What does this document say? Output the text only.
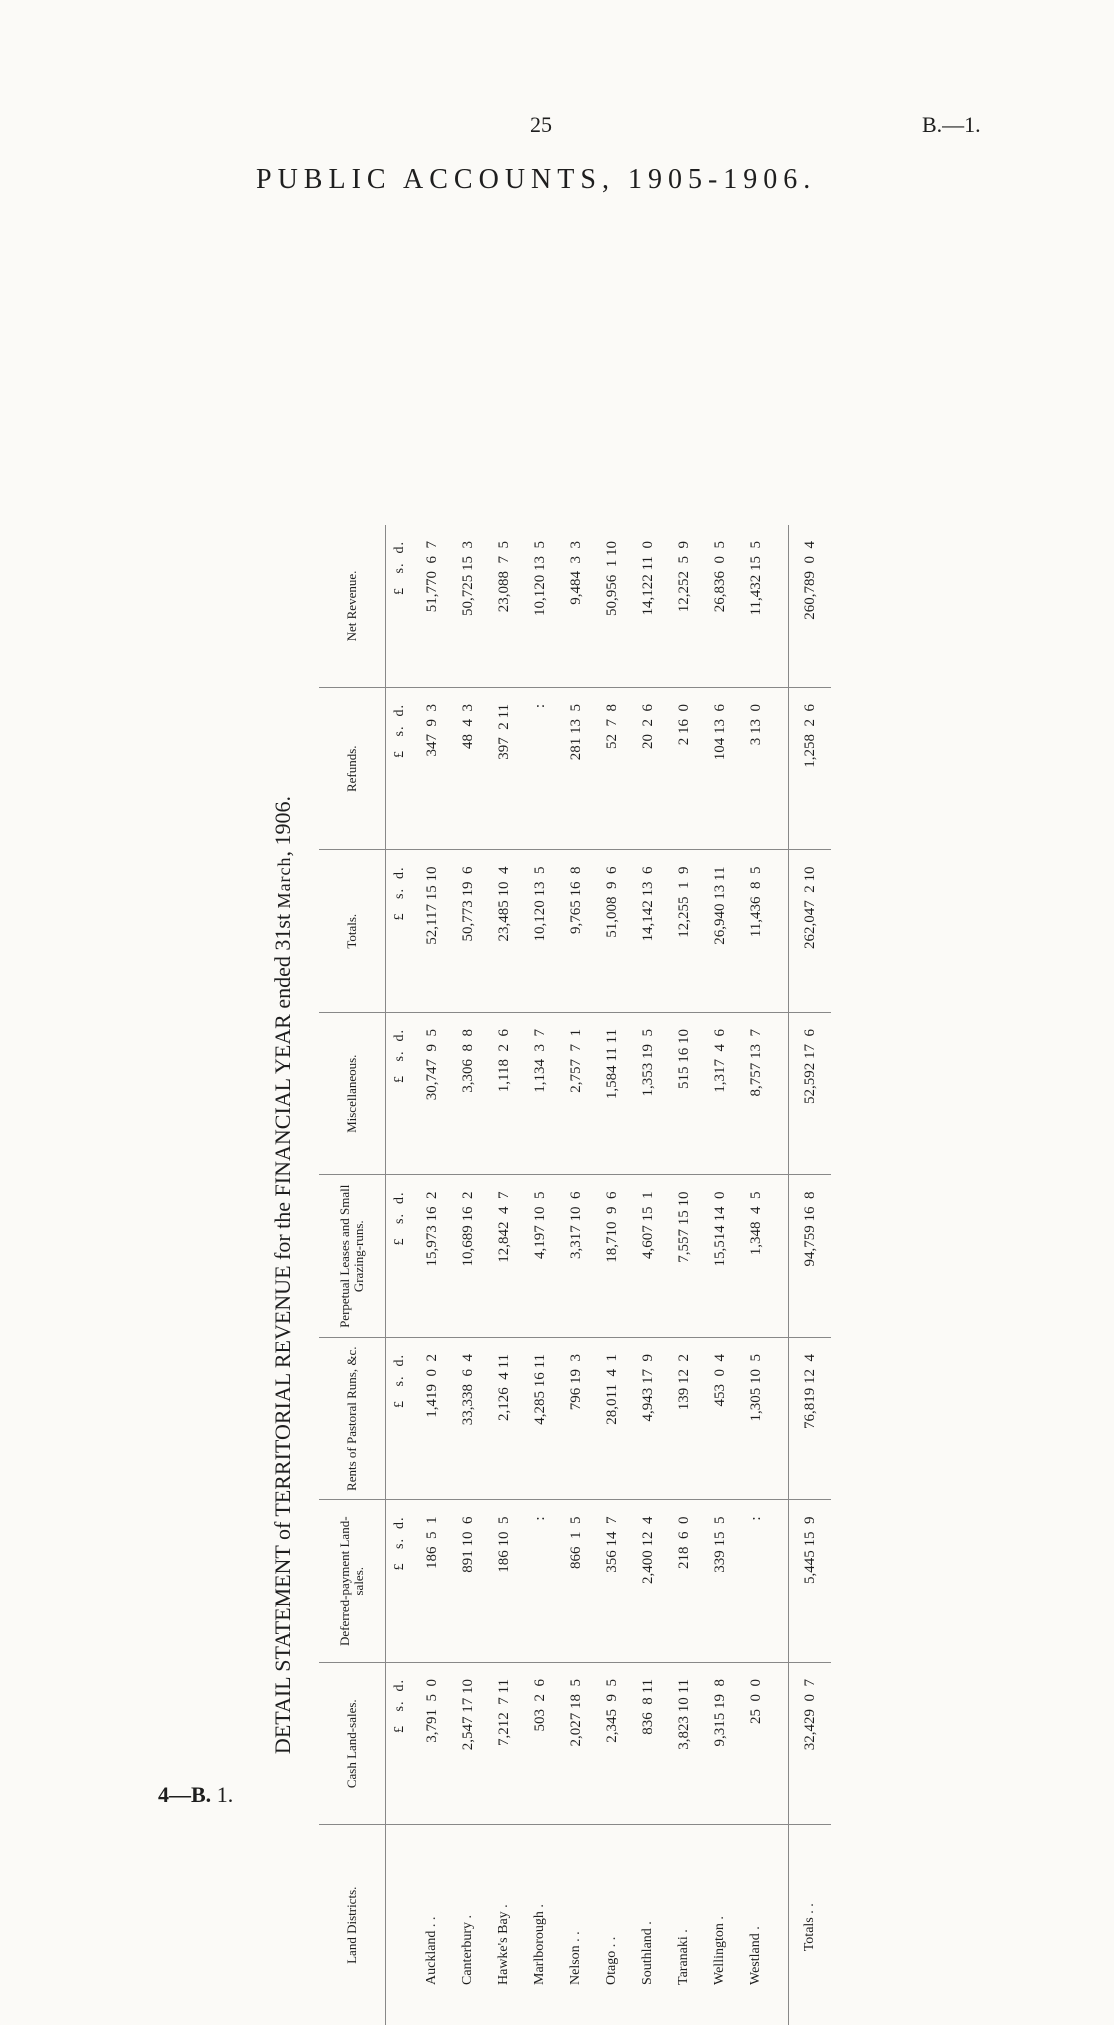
25	B.—1.
PUBLIC ACCOUNTS, 1905-1906.
DETAIL STATEMENT of TERRITORIAL REVENUE for the FINANCIAL YEAR ended 31st March, 1906.
Land Districts.	Cash Land-sales.	Deferred-payment Land-sales.	Rents of Pastoral Runs, &c.	Perpetual Leases and Small Grazing-runs.	Miscellaneous.	Totals.	Refunds.	Net Revenue.
	£   s.  d.	£   s.  d.	£   s.  d.	£   s.  d.	£   s.  d.	£   s.  d.	£   s.  d.	£   s.  d.
Auckland . .	3,791  5  0	186  5  1	1,419  0  2	15,973 16  2	30,747  9  5	52,117 15 10	347  9  3	51,770  6  7
Canterbury .	2,547 17 10	891 10  6	33,338  6  4	10,689 16  2	3,306  8  8	50,773 19  6	48  4  3	50,725 15  3
Hawke's Bay .	7,212  7 11	186 10  5	2,126  4 11	12,842  4  7	1,118  2  6	23,485 10  4	397  2 11	23,088  7  5
Marlborough .	503  2  6	:	4,285 16 11	4,197 10  5	1,134  3  7	10,120 13  5	:	10,120 13  5
Nelson . .	2,027 18  5	866  1  5	796 19  3	3,317 10  6	2,757  7  1	9,765 16  8	281 13  5	9,484  3  3
Otago . .	2,345  9  5	356 14  7	28,011  4  1	18,710  9  6	1,584 11 11	51,008  9  6	52  7  8	50,956  1 10
Southland .	836  8 11	2,400 12  4	4,943 17  9	4,607 15  1	1,353 19  5	14,142 13  6	20  2  6	14,122 11  0
Taranaki .	3,823 10 11	218  6  0	139 12  2	7,557 15 10	515 16 10	12,255  1  9	2 16  0	12,252  5  9
Wellington .	9,315 19  8	339 15  5	453  0  4	15,514 14  0	1,317  4  6	26,940 13 11	104 13  6	26,836  0  5
Westland .	25  0  0	:	1,305 10  5	1,348  4  5	8,757 13  7	11,436  8  5	3 13  0	11,432 15  5

Totals . .	32,429  0  7	5,445 15  9	76,819 12  4	94,759 16  8	52,592 17  6	262,047  2 10	1,258  2  6	260,789  0  4
4—B. 1.
